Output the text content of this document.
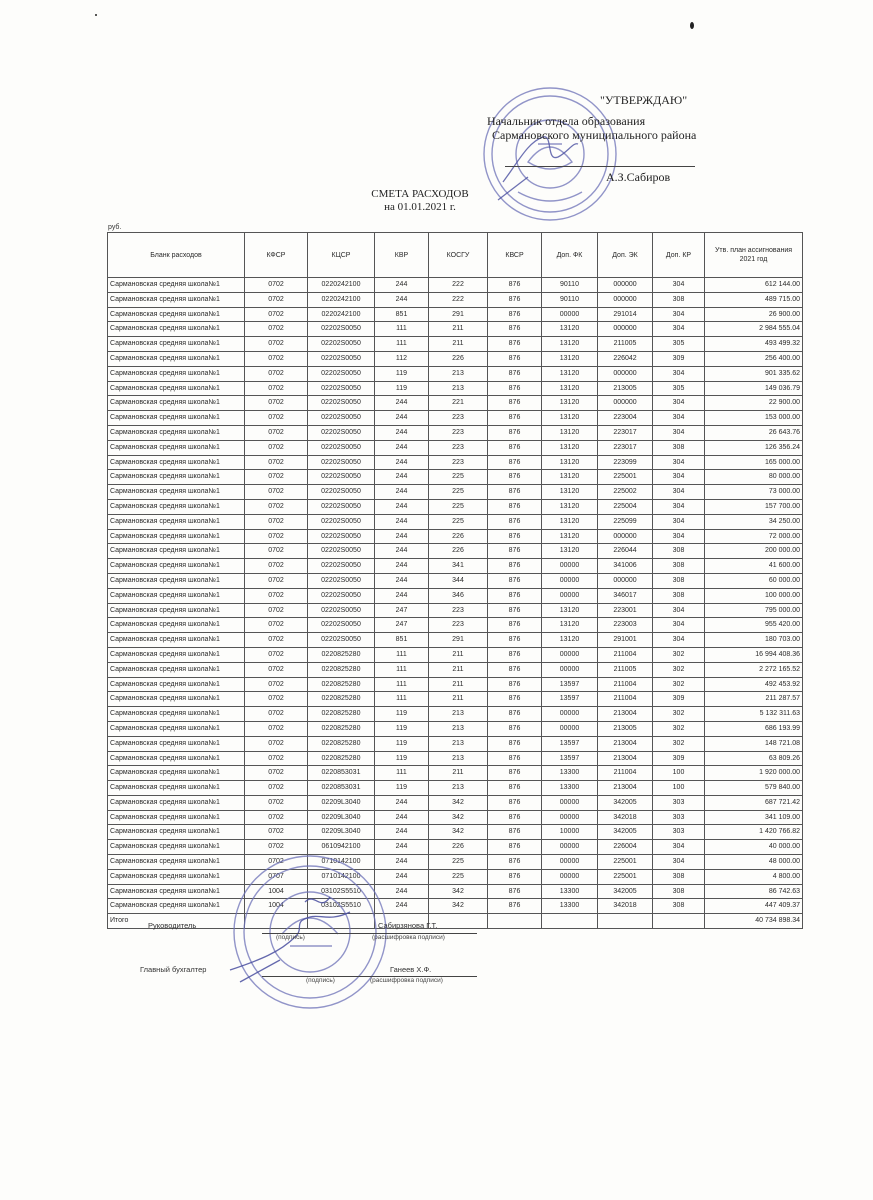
"УТВЕРЖДАЮ"
Начальник отдела образования
Сармановского муниципального района
А.З.Сабиров
СМЕТА РАСХОДОВ
на 01.01.2021 г.
руб.
Бланк расходов	КФСР	КЦСР	КВР	КОСГУ	КВСР	Доп. ФК	Доп. ЭК	Доп. КР	Утв. план ассигнования 2021 год
Сармановская средняя школа№1	0702	0220242100	244	222	876	90110	000000	304	612 144.00
Сармановская средняя школа№1	0702	0220242100	244	222	876	90110	000000	308	489 715.00
Сармановская средняя школа№1	0702	0220242100	851	291	876	00000	291014	304	26 900.00
Сармановская средняя школа№1	0702	02202S0050	111	211	876	13120	000000	304	2 984 555.04
Сармановская средняя школа№1	0702	02202S0050	111	211	876	13120	211005	305	493 499.32
Сармановская средняя школа№1	0702	02202S0050	112	226	876	13120	226042	309	256 400.00
Сармановская средняя школа№1	0702	02202S0050	119	213	876	13120	000000	304	901 335.62
Сармановская средняя школа№1	0702	02202S0050	119	213	876	13120	213005	305	149 036.79
Сармановская средняя школа№1	0702	02202S0050	244	221	876	13120	000000	304	22 900.00
Сармановская средняя школа№1	0702	02202S0050	244	223	876	13120	223004	304	153 000.00
Сармановская средняя школа№1	0702	02202S0050	244	223	876	13120	223017	304	26 643.76
Сармановская средняя школа№1	0702	02202S0050	244	223	876	13120	223017	308	126 356.24
Сармановская средняя школа№1	0702	02202S0050	244	223	876	13120	223099	304	165 000.00
Сармановская средняя школа№1	0702	02202S0050	244	225	876	13120	225001	304	80 000.00
Сармановская средняя школа№1	0702	02202S0050	244	225	876	13120	225002	304	73 000.00
Сармановская средняя школа№1	0702	02202S0050	244	225	876	13120	225004	304	157 700.00
Сармановская средняя школа№1	0702	02202S0050	244	225	876	13120	225099	304	34 250.00
Сармановская средняя школа№1	0702	02202S0050	244	226	876	13120	000000	304	72 000.00
Сармановская средняя школа№1	0702	02202S0050	244	226	876	13120	226044	308	200 000.00
Сармановская средняя школа№1	0702	02202S0050	244	341	876	00000	341006	308	41 600.00
Сармановская средняя школа№1	0702	02202S0050	244	344	876	00000	000000	308	60 000.00
Сармановская средняя школа№1	0702	02202S0050	244	346	876	00000	346017	308	100 000.00
Сармановская средняя школа№1	0702	02202S0050	247	223	876	13120	223001	304	795 000.00
Сармановская средняя школа№1	0702	02202S0050	247	223	876	13120	223003	304	955 420.00
Сармановская средняя школа№1	0702	02202S0050	851	291	876	13120	291001	304	180 703.00
Сармановская средняя школа№1	0702	0220825280	111	211	876	00000	211004	302	16 994 408.36
Сармановская средняя школа№1	0702	0220825280	111	211	876	00000	211005	302	2 272 165.52
Сармановская средняя школа№1	0702	0220825280	111	211	876	13597	211004	302	492 453.92
Сармановская средняя школа№1	0702	0220825280	111	211	876	13597	211004	309	211 287.57
Сармановская средняя школа№1	0702	0220825280	119	213	876	00000	213004	302	5 132 311.63
Сармановская средняя школа№1	0702	0220825280	119	213	876	00000	213005	302	686 193.99
Сармановская средняя школа№1	0702	0220825280	119	213	876	13597	213004	302	148 721.08
Сармановская средняя школа№1	0702	0220825280	119	213	876	13597	213004	309	63 809.26
Сармановская средняя школа№1	0702	0220853031	111	211	876	13300	211004	100	1 920 000.00
Сармановская средняя школа№1	0702	0220853031	119	213	876	13300	213004	100	579 840.00
Сармановская средняя школа№1	0702	02209L3040	244	342	876	00000	342005	303	687 721.42
Сармановская средняя школа№1	0702	02209L3040	244	342	876	00000	342018	303	341 109.00
Сармановская средняя школа№1	0702	02209L3040	244	342	876	10000	342005	303	1 420 766.82
Сармановская средняя школа№1	0702	0610942100	244	226	876	00000	226004	304	40 000.00
Сармановская средняя школа№1	0702	0710142100	244	225	876	00000	225001	304	48 000.00
Сармановская средняя школа№1	0707	0710142100	244	225	876	00000	225001	308	4 800.00
Сармановская средняя школа№1	1004	03102S5510	244	342	876	13300	342005	308	86 742.63
Сармановская средняя школа№1	1004	03102S5510	244	342	876	13300	342018	308	447 409.37
Итого									40 734 898.34
Руководитель	Сабирзянова Г.Т.
(подпись)	(расшифровка подписи)
Главный бухгалтер	Ганеев Х.Ф.
(подпись)	(расшифровка подписи)
